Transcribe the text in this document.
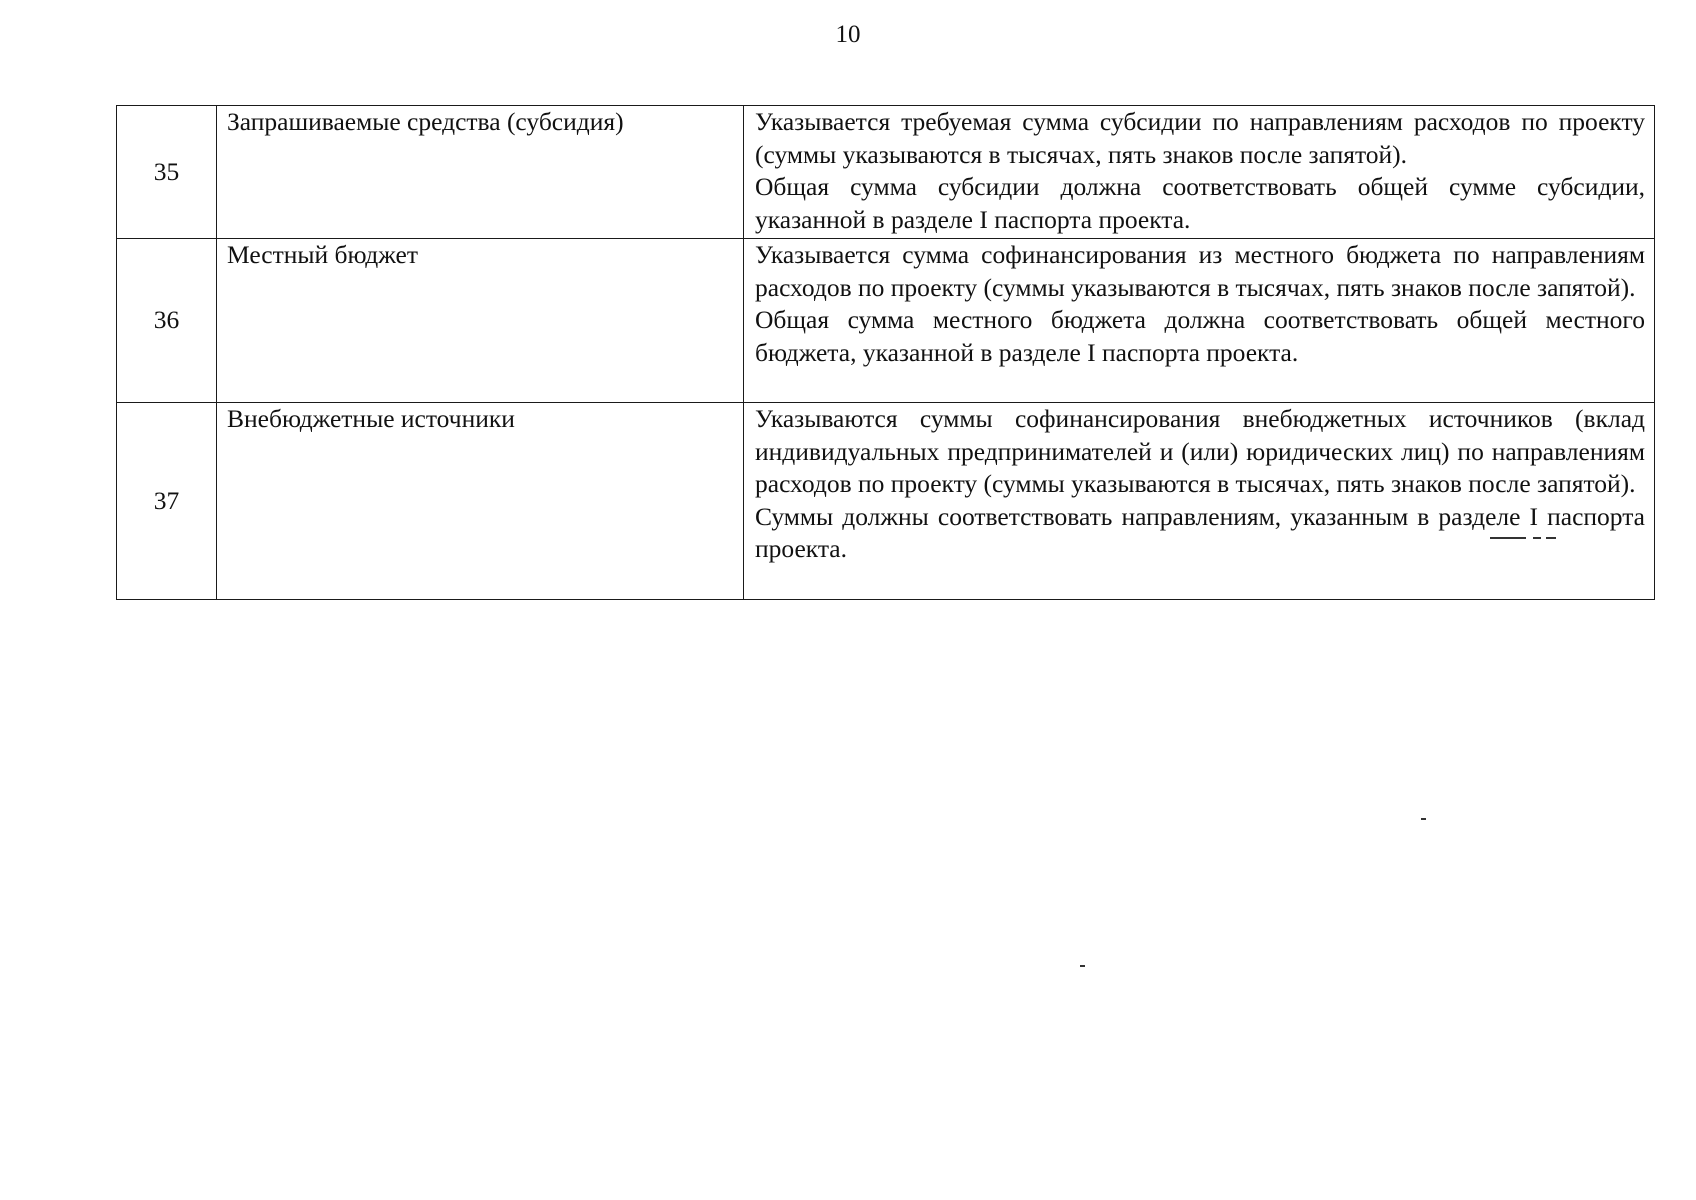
10
35	Запрашиваемые средства (субсидия)	Указывается требуемая сумма субсидии по направлениям расходов по проекту (суммы указываются в тысячах, пять знаков после запятой).

Общая сумма субсидии должна соответствовать общей сумме субсидии, указанной в разделе I паспорта проекта.

36	Местный бюджет	Указывается сумма софинансирования из местного бюджета по направлениям расходов по проекту (суммы указываются в тысячах, пять знаков после запятой).

Общая сумма местного бюджета должна соответствовать общей местного бюджета, указанной в разделе I паспорта проекта.

37	Внебюджетные источники	Указываются суммы софинансирования внебюджетных источников (вклад индивидуальных предпринимателей и (или) юридических лиц) по направлениям расходов по проекту (суммы указываются в тысячах, пять знаков после запятой).

Суммы должны соответствовать направлениям, указанным в разделе I паспорта проекта.
